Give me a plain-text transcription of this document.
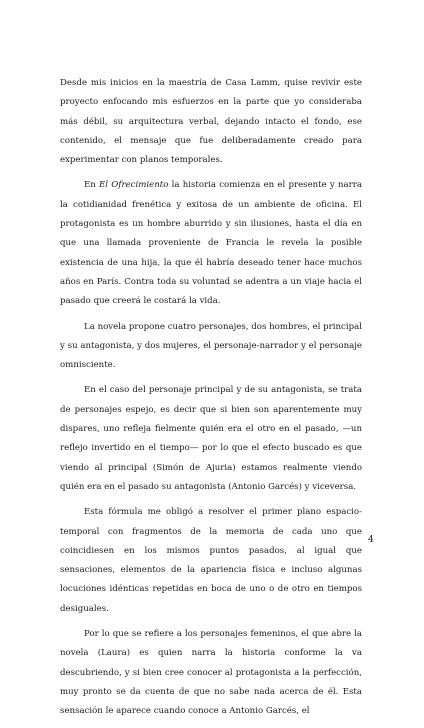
Desde mis inicios en la maestría de Casa Lamm, quise revivir este proyecto enfocando mis esfuerzos en la parte que yo consideraba más débil, su arquitectura verbal, dejando intacto el fondo, ese contenido, el mensaje que fue deliberadamente creado para experimentar con planos temporales.

En El Ofrecimiento la historia comienza en el presente y narra la cotidianidad frenética y exitosa de un ambiente de oficina. El protagonista es un hombre aburrido y sin ilusiones, hasta el día en que una llamada proveniente de Francia le revela la posible existencia de una hija, la que él habría deseado tener hace muchos años en París. Contra toda su voluntad se adentra a un viaje hacia el pasado que creerá le costará la vida.

La novela propone cuatro personajes, dos hombres, el principal y su antagonista, y dos mujeres, el personaje-narrador y el personaje omnisciente.

En el caso del personaje principal y de su antagonista, se trata de personajes espejo, es decir que si bien son aparentemente muy dispares, uno refleja fielmente quién era el otro en el pasado, —un reflejo invertido en el tiempo— por lo que el efecto buscado es que viendo al principal (Simón de Ajuria) estamos realmente viendo quién era en el pasado su antagonista (Antonio Garcés) y viceversa.

Esta fórmula me obligó a resolver el primer plano espacio-temporal con fragmentos de la memoria de cada uno que coincidiesen en los mismos puntos pasados, al igual que sensaciones, elementos de la apariencia física e incluso algunas locuciones idénticas repetidas en boca de uno o de otro en tiempos desiguales.

Por lo que se refiere a los personajes femeninos, el que abre la novela (Laura) es quien narra la historia conforme la va descubriendo, y si bien cree conocer al protagonista a la perfección, muy pronto se da cuenta de que no sabe nada acerca de él. Esta sensación le aparece cuando conoce a Antonio Garcés, el

4
